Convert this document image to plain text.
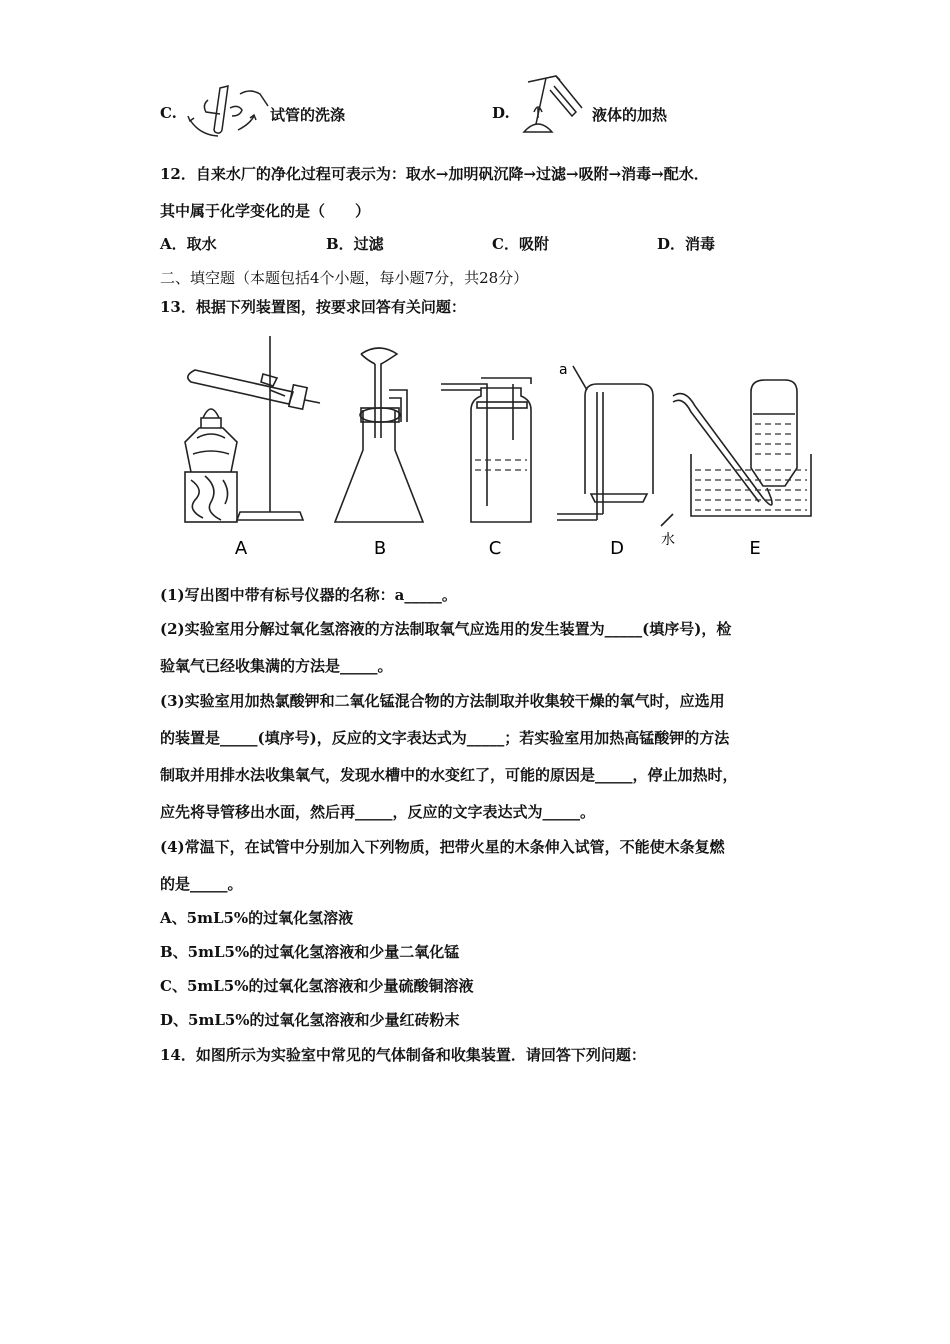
C.	试管的洗涤	D.	液体的加热
12．自来水厂的净化过程可表示为：取水→加明矾沉降→过滤→吸附→消毒→配水．
其中属于化学变化的是（　　）
A．取水	B．过滤	C．吸附	D．消毒
二、填空题（本题包括4个小题，每小题7分，共28分）
13．根据下列装置图，按要求回答有关问题：
A	B	C	D	E
a
水
(1)写出图中带有标号仪器的名称：a_____。
(2)实验室用分解过氧化氢溶液的方法制取氧气应选用的发生装置为_____(填序号)，检
验氧气已经收集满的方法是_____。
(3)实验室用加热氯酸钾和二氧化锰混合物的方法制取并收集较干燥的氧气时，应选用
的装置是_____(填序号)，反应的文字表达式为_____；若实验室用加热高锰酸钾的方法
制取并用排水法收集氧气，发现水槽中的水变红了，可能的原因是_____，停止加热时，
应先将导管移出水面，然后再_____，反应的文字表达式为_____。
(4)常温下，在试管中分别加入下列物质，把带火星的木条伸入试管，不能使木条复燃
的是_____。
A、5mL5%的过氧化氢溶液
B、5mL5%的过氧化氢溶液和少量二氧化锰
C、5mL5%的过氧化氢溶液和少量硫酸铜溶液
D、5mL5%的过氧化氢溶液和少量红砖粉末
14．如图所示为实验室中常见的气体制备和收集装置．请回答下列问题：
